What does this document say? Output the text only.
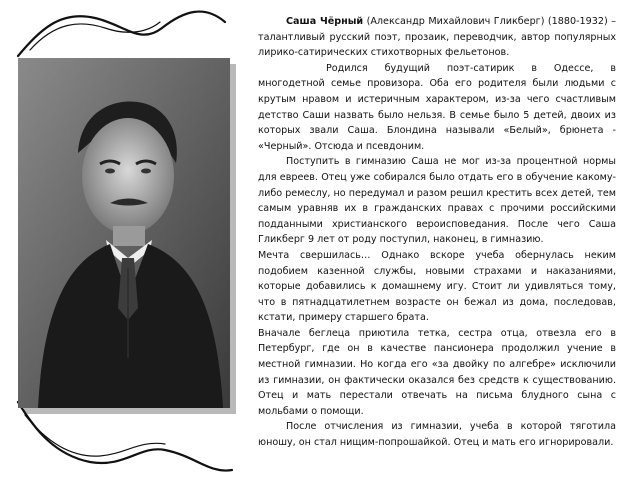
Саша Чёрный (Александр Михайлович Гликберг) (1880-1932) – талантливый русский поэт, прозаик, переводчик, автор популярных лирико-сатирических стихотворных фельетонов.

Родился будущий поэт-сатирик в Одессе, в многодетной семье провизора. Оба его родителя были людьми с крутым нравом и истеричным характером, из-за чего счастливым детство Саши назвать было нельзя. В семье было 5 детей, двоих из которых звали Саша. Блондина называли «Белый», брюнета - «Черный». Отсюда и псевдоним.

Поступить в гимназию Саша не мог из-за процентной нормы для евреев. Отец уже собирался было отдать его в обучение какому-либо ремеслу, но передумал и разом решил крестить всех детей, тем самым уравняв их в гражданских правах с прочими российскими подданными христианского вероисповедания. После чего Саша Гликберг 9 лет от роду поступил, наконец, в гимназию.

Мечта свершилась… Однако вскоре учеба обернулась неким подобием казенной службы, новыми страхами и наказаниями, которые добавились к домашнему игу. Стоит ли удивляться тому, что в пятнадцатилетнем возрасте он бежал из дома, последовав, кстати, примеру старшего брата.

Вначале беглеца приютила тетка, сестра отца, отвезла его в Петербург, где он в качестве пансионера продолжил учение в местной гимназии. Но когда его «за двойку по алгебре» исключили из гимназии, он фактически оказался без средств к существованию. Отец и мать перестали отвечать на письма блудного сына с мольбами о помощи.

После отчисления из гимназии, учеба в которой тяготила юношу, он стал нищим-попрошайкой. Отец и мать его игнорировали.
